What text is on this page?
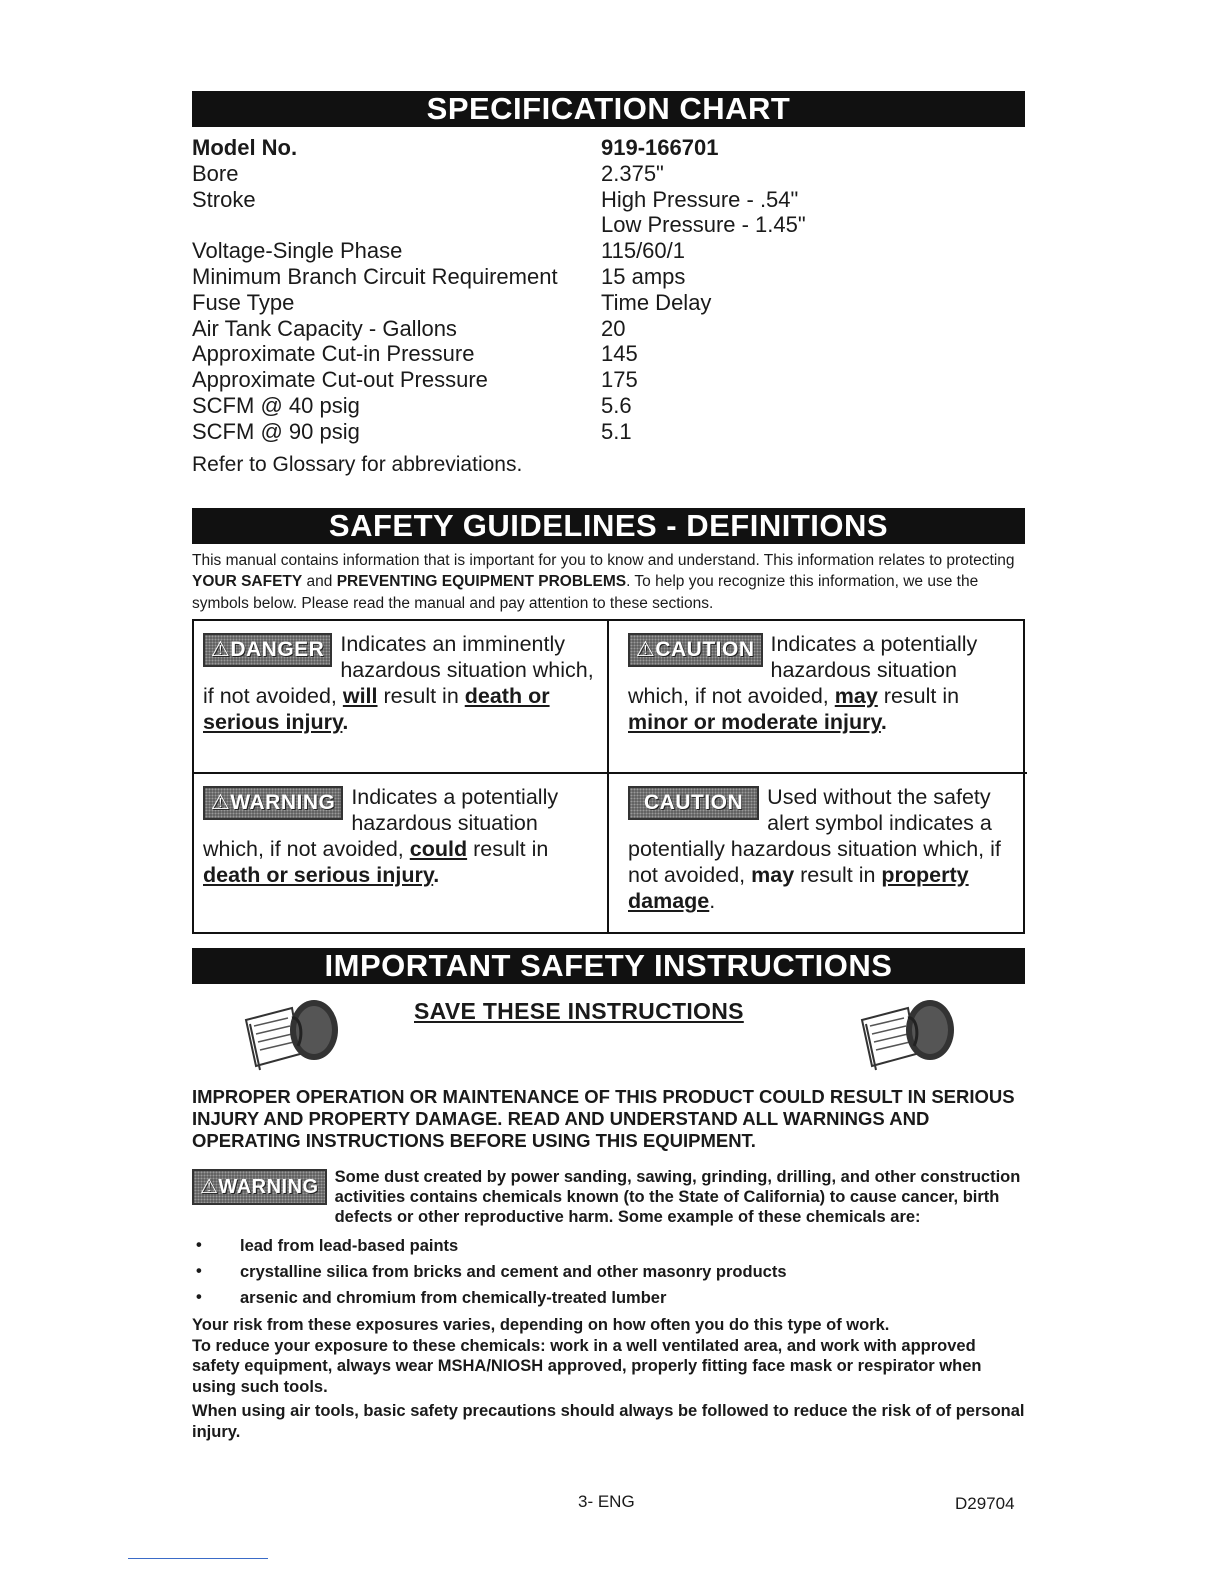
SPECIFICATION CHART
Model No.	919-166701
Bore	2.375"
Stroke	High Pressure - .54"
Low Pressure - 1.45"
Voltage-Single Phase	115/60/1
Minimum Branch Circuit Requirement	15 amps
Fuse Type	Time Delay
Air Tank Capacity - Gallons	20
Approximate Cut-in Pressure	145
Approximate Cut-out Pressure	175
SCFM @ 40 psig	5.6
SCFM @ 90 psig	5.1
Refer to Glossary for abbreviations.
SAFETY GUIDELINES - DEFINITIONS
This manual contains information that is important for you to know and understand. This information relates to protecting YOUR SAFETY and PREVENTING EQUIPMENT PROBLEMS. To help you recognize this information, we use the symbols below. Please read the manual and pay attention to these sections.
⚠DANGER Indicates an imminently hazardous situation which, if not avoided, will result in death or serious injury.
⚠CAUTION Indicates a potentially hazardous situation which, if not avoided, may result in minor or moderate injury.
⚠WARNING Indicates a potentially hazardous situation which, if not avoided, could result in death or serious injury.
CAUTION	Used without the safety alert symbol indicates a potentially hazardous situation which, if not avoided, may result in property damage.
IMPORTANT SAFETY INSTRUCTIONS
SAVE THESE INSTRUCTIONS
IMPROPER OPERATION OR MAINTENANCE OF THIS PRODUCT COULD RESULT IN SERIOUS INJURY AND PROPERTY DAMAGE. READ AND UNDERSTAND ALL WARNINGS AND OPERATING INSTRUCTIONS BEFORE USING THIS EQUIPMENT.
⚠WARNING Some dust created by power sanding, sawing, grinding, drilling, and other construction activities contains chemicals known (to the State of California) to cause cancer, birth defects or other reproductive harm. Some example of these chemicals are:
• lead from lead-based paints
• crystalline silica from bricks and cement and other masonry products
• arsenic and chromium from chemically-treated lumber
Your risk from these exposures varies, depending on how often you do this type of work.
To reduce your exposure to these chemicals: work in a well ventilated area, and work with approved safety equipment, always wear MSHA/NIOSH approved, properly fitting face mask or respirator when using such tools.
When using air tools, basic safety precautions should always be followed to reduce the risk of of personal injury.
3- ENG	D29704
